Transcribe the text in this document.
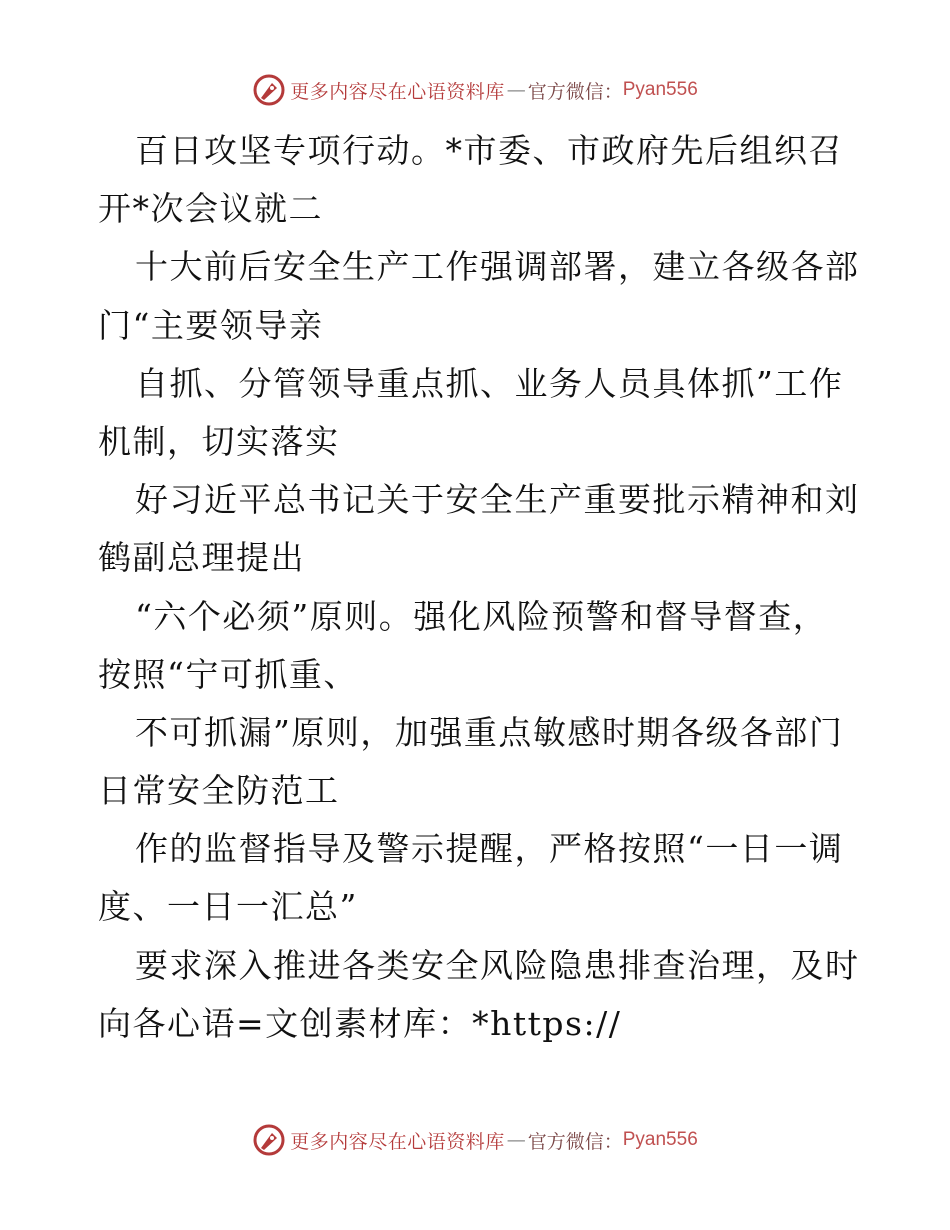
更多内容尽在心语资料库 — 官方微信： Pyan556
百日攻坚专项行动。*市委、市政府先后组织召
开*次会议就二
十大前后安全生产工作强调部署，建立各级各部
门“主要领导亲
自抓、分管领导重点抓、业务人员具体抓”工作
机制，切实落实
好习近平总书记关于安全生产重要批示精神和刘
鹤副总理提出
“六个必须”原则。强化风险预警和督导督查，
按照“宁可抓重、
不可抓漏”原则，加强重点敏感时期各级各部门
日常安全防范工
作的监督指导及警示提醒，严格按照“一日一调
度、一日一汇总”
要求深入推进各类安全风险隐患排查治理，及时
向各心语=文创素材库：*https://
更多内容尽在心语资料库 — 官方微信： Pyan556
